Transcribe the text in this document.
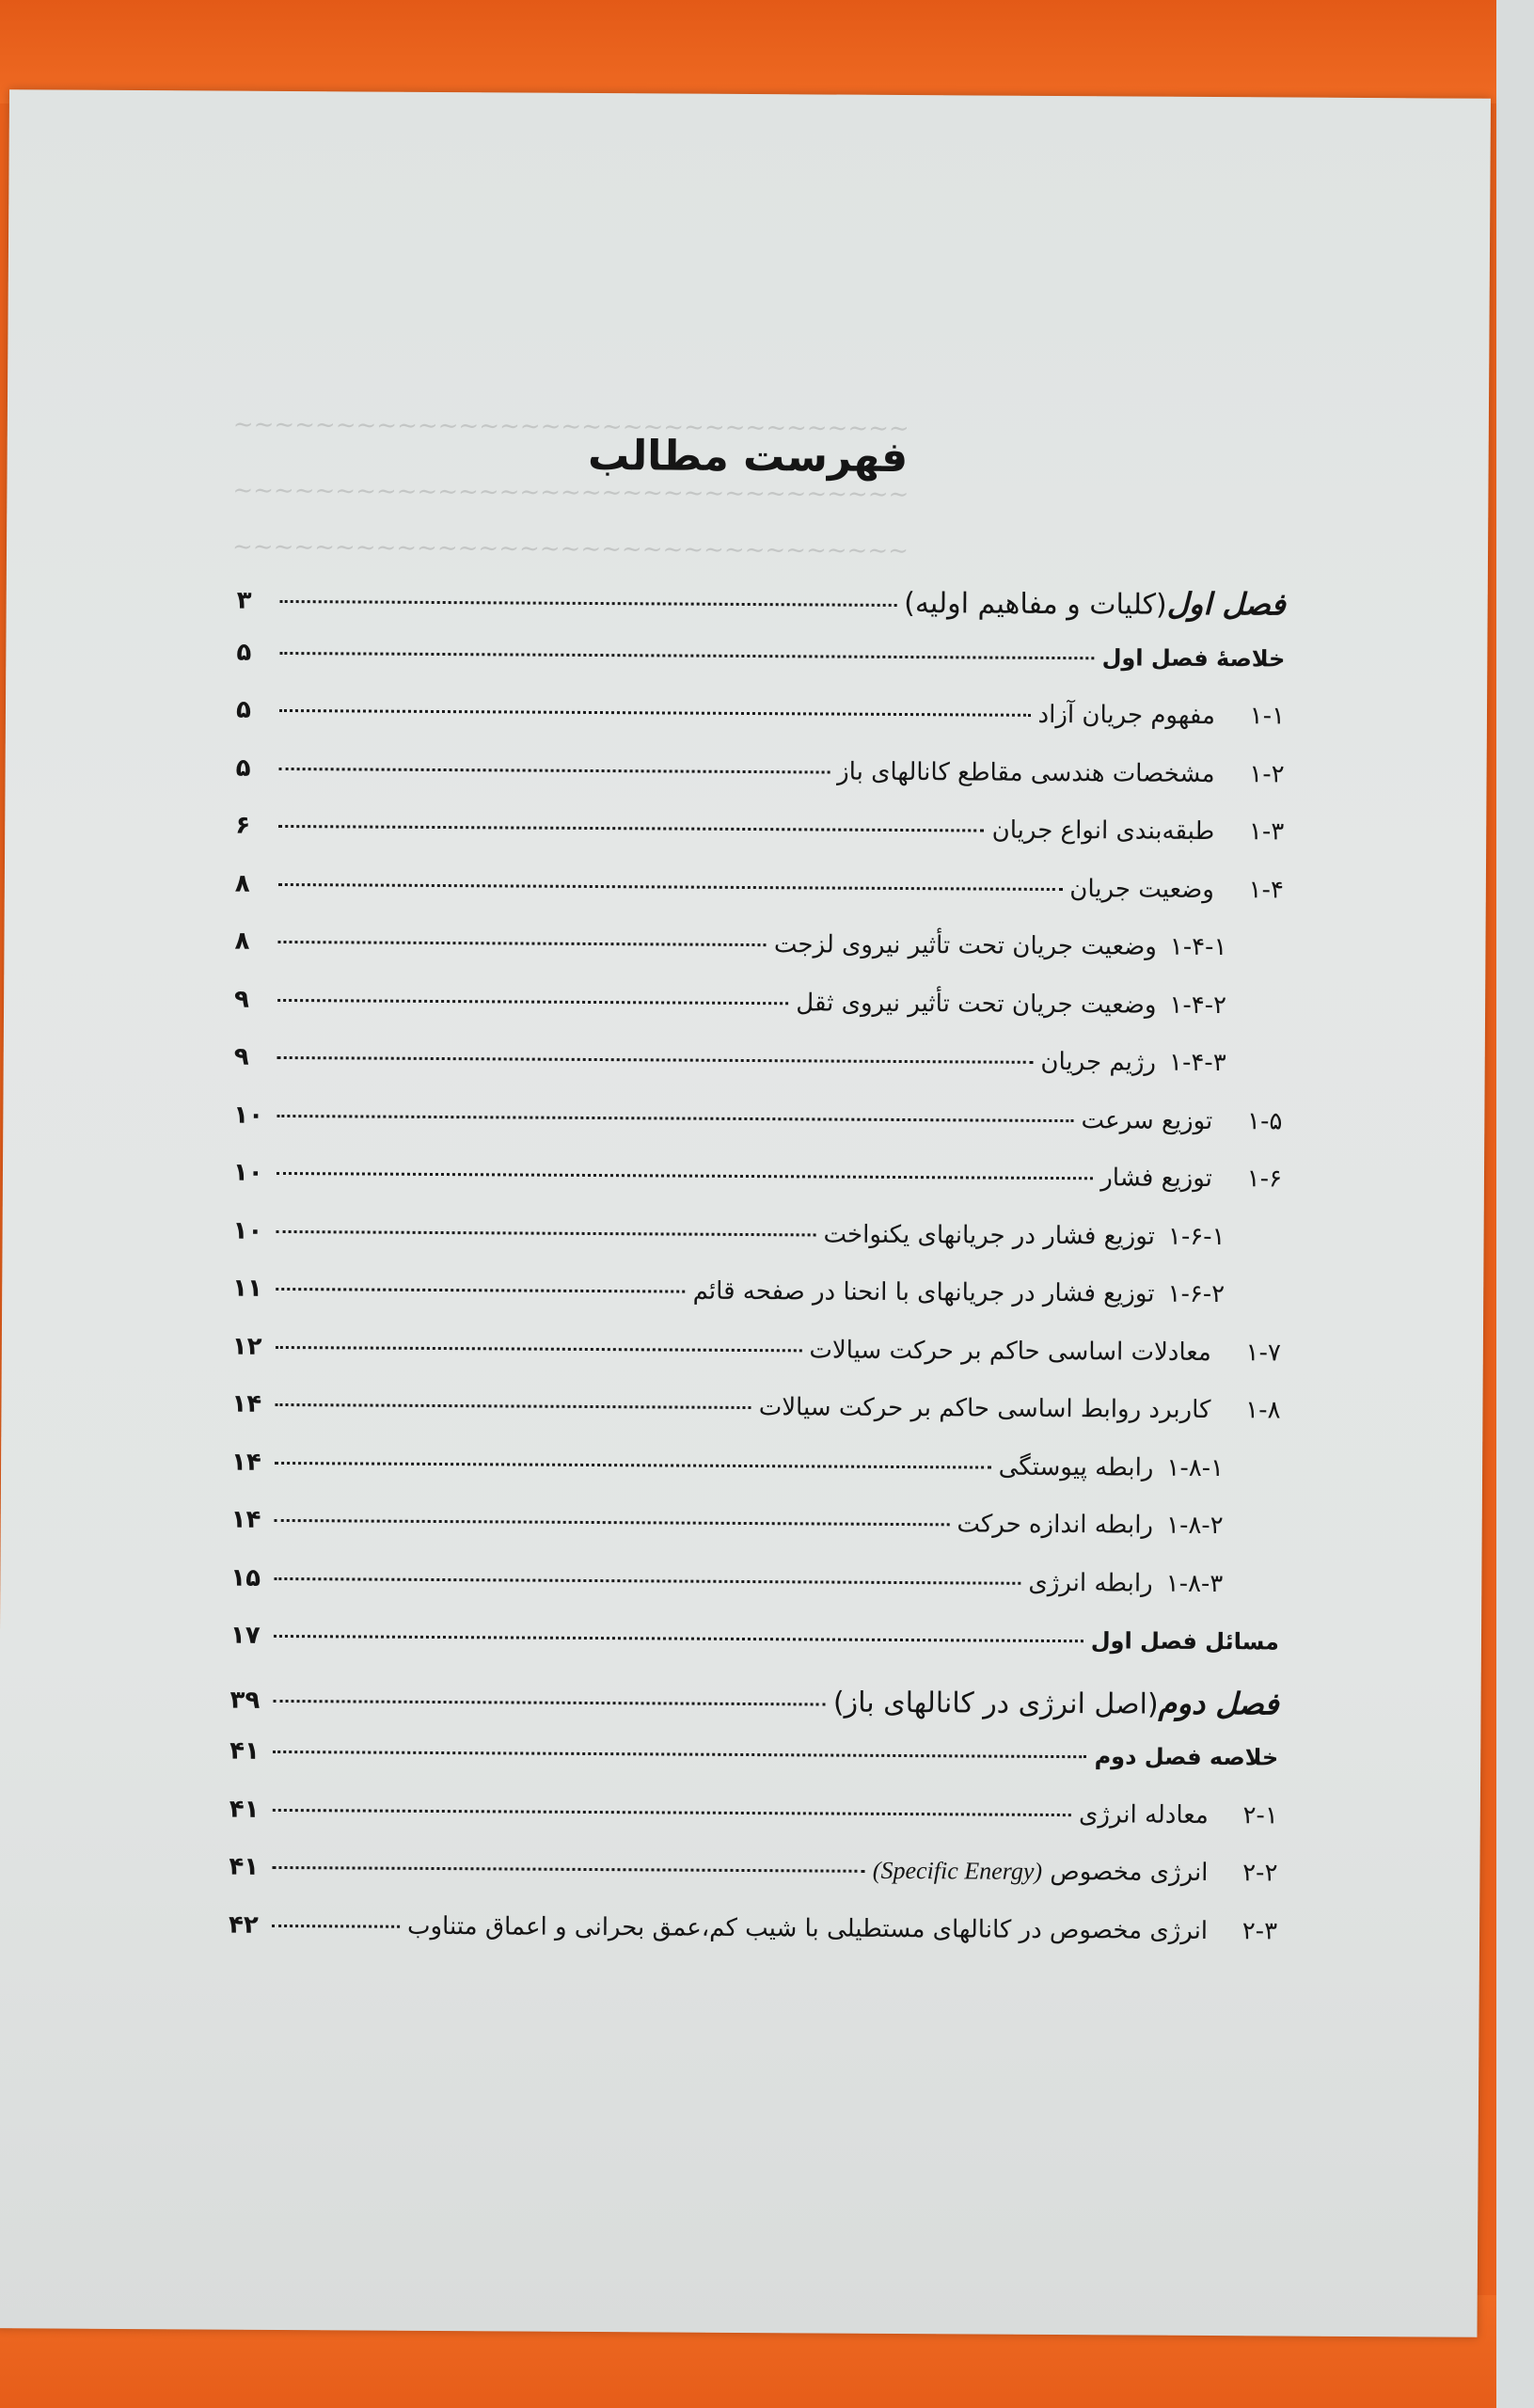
~~~~~~~~~~~~~~~~~~~~~~~~~~~~~~~~~
~~~~~~~~~~~~~~~~~~~~~~~~~~~~~~~~~
~~~~~~~~~~~~~~~~~~~~~~~~~~~~~~~~~
فهرست مطالب
فصل اول(کلیات و مفاهیم اولیه)
۳
خلاصهٔ فصل اول
۵
۱-۱
مفهوم جریان آزاد
۵
۱-۲
مشخصات هندسی مقاطع کانالهای باز
۵
۱-۳
طبقه‌بندی انواع جریان
۶
۱-۴
وضعیت جریان
۸
۱-۴-۱
وضعیت جریان تحت تأثیر نیروی لزجت
۸
۱-۴-۲
وضعیت جریان تحت تأثیر نیروی ثقل
۹
۱-۴-۳
رژیم جریان
۹
۱-۵
توزیع سرعت
۱۰
۱-۶
توزیع فشار
۱۰
۱-۶-۱
توزیع فشار در جریانهای یکنواخت
۱۰
۱-۶-۲
توزیع فشار در جریانهای با انحنا در صفحه قائم
۱۱
۱-۷
معادلات اساسی حاکم بر حرکت سیالات
۱۲
۱-۸
کاربرد روابط اساسی حاکم بر حرکت سیالات
۱۴
۱-۸-۱
رابطه پیوستگی
۱۴
۱-۸-۲
رابطه اندازه حرکت
۱۴
۱-۸-۳
رابطه انرژی
۱۵
مسائل فصل اول
۱۷
فصل دوم(اصل انرژی در کانالهای باز)
۳۹
خلاصه فصل دوم
۴۱
۲-۱
معادله انرژی
۴۱
۲-۲
انرژی مخصوص (Specific Energy)
۴۱
۲-۳
انرژی مخصوص در کانالهای مستطیلی با شیب کم،عمق بحرانی و اعماق متناوب
۴۲
